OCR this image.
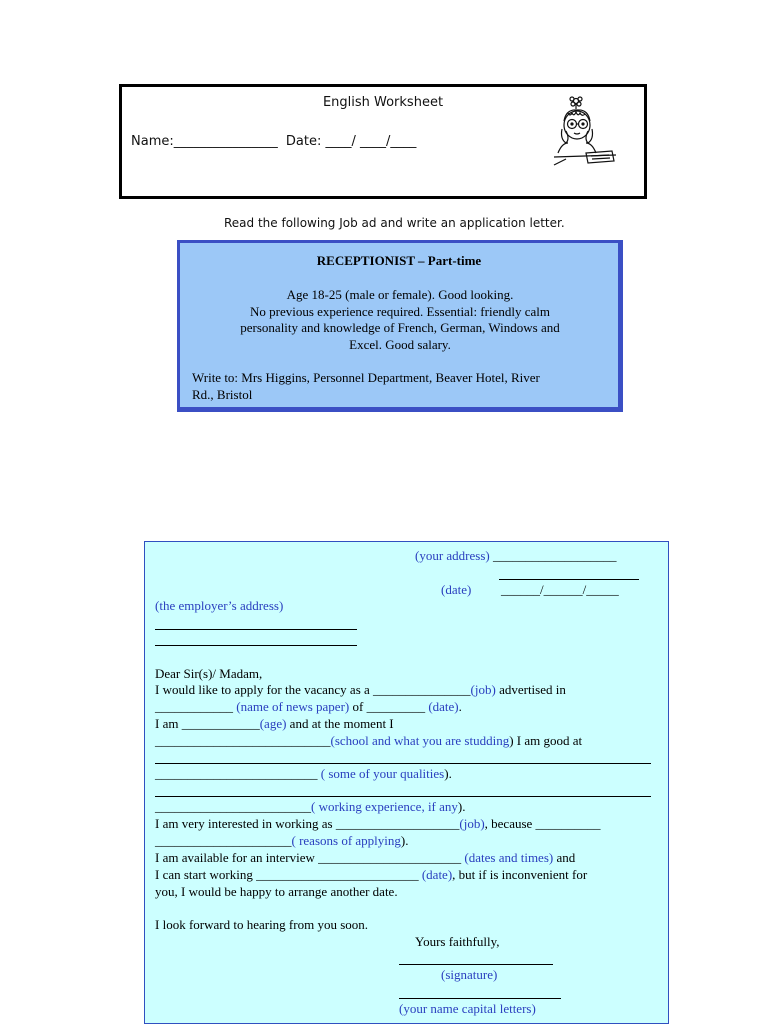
English Worksheet
Name:________________ Date: ____/ ____/____
Read the following Job ad and write an application letter.
RECEPTIONIST – Part-time
Age 18-25 (male or female). Good looking.
No previous experience required. Essential: friendly calm
personality and knowledge of French, German, Windows and
Excel. Good salary.
Write to: Mrs Higgins, Personnel Department, Beaver Hotel, River
Rd., Bristol
(your address) ___________________
(date) ______/______/_____
(the employer’s address)
Dear Sir(s)/ Madam,
I would like to apply for the vacancy as a _______________(job) advertised in
____________ (name of news paper) of _________ (date).
I am ____________(age) and at the moment I
___________________________(school and what you are studding) I am good at
_________________________ ( some of your qualities).
________________________( working experience, if any).
I am very interested in working as ___________________(job), because __________
_____________________( reasons of applying).
I am available for an interview ______________________ (dates and times) and
I can start working _________________________ (date), but if is inconvenient for
you, I would be happy to arrange another date.
I look forward to hearing from you soon.
Yours faithfully,
(signature)
(your name capital letters)
